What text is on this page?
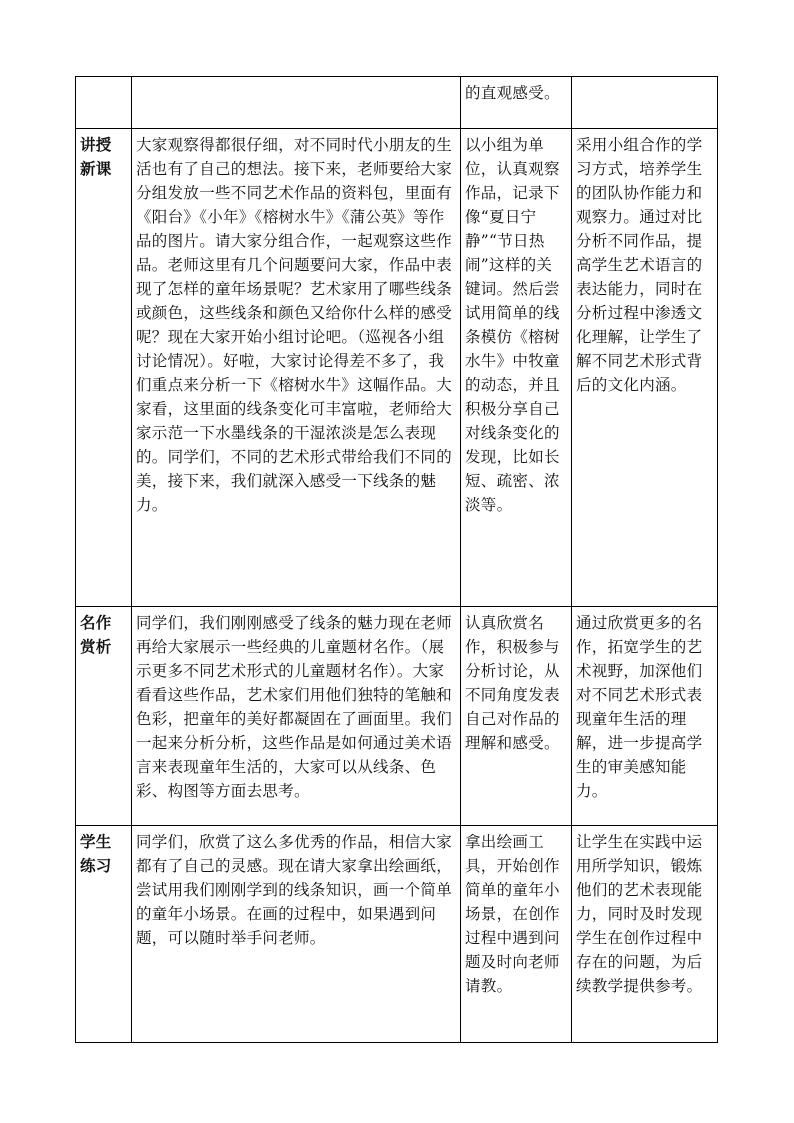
		的直观感受。	

讲授
新课	大家观察得都很仔细，对不同时代小朋友的生活也有了自己的想法。接下来，老师要给大家分组发放一些不同艺术作品的资料包，里面有《阳台》《小年》《榕树水牛》《蒲公英》等作品的图片。请大家分组合作，一起观察这些作品。老师这里有几个问题要问大家，作品中表现了怎样的童年场景呢？艺术家用了哪些线条或颜色，这些线条和颜色又给你什么样的感受呢？现在大家开始小组讨论吧。（巡视各小组讨论情况）。好啦，大家讨论得差不多了，我们重点来分析一下《榕树水牛》这幅作品。大家看，这里面的线条变化可丰富啦，老师给大家示范一下水墨线条的干湿浓淡是怎么表现的。同学们，不同的艺术形式带给我们不同的美，接下来，我们就深入感受一下线条的魅力。	以小组为单位，认真观察作品，记录下像“夏日宁静”“节日热闹”这样的关键词。然后尝试用简单的线条模仿《榕树水牛》中牧童的动态，并且积极分享自己对线条变化的发现，比如长短、疏密、浓淡等。	采用小组合作的学习方式，培养学生的团队协作能力和观察力。通过对比分析不同作品，提高学生艺术语言的表达能力，同时在分析过程中渗透文化理解，让学生了解不同艺术形式背后的文化内涵。

名作
赏析	同学们，我们刚刚感受了线条的魅力现在老师再给大家展示一些经典的儿童题材名作。（展示更多不同艺术形式的儿童题材名作）。大家看看这些作品，艺术家们用他们独特的笔触和色彩，把童年的美好都凝固在了画面里。我们一起来分析分析，这些作品是如何通过美术语言来表现童年生活的，大家可以从线条、色彩、构图等方面去思考。	认真欣赏名作，积极参与分析讨论，从不同角度发表自己对作品的理解和感受。	通过欣赏更多的名作，拓宽学生的艺术视野，加深他们对不同艺术形式表现童年生活的理解，进一步提高学生的审美感知能力。

学生
练习	同学们，欣赏了这么多优秀的作品，相信大家都有了自己的灵感。现在请大家拿出绘画纸，尝试用我们刚刚学到的线条知识，画一个简单的童年小场景。在画的过程中，如果遇到问题，可以随时举手问老师。	拿出绘画工具，开始创作简单的童年小场景，在创作过程中遇到问题及时向老师请教。	让学生在实践中运用所学知识，锻炼他们的艺术表现能力，同时及时发现学生在创作过程中存在的问题，为后续教学提供参考。
